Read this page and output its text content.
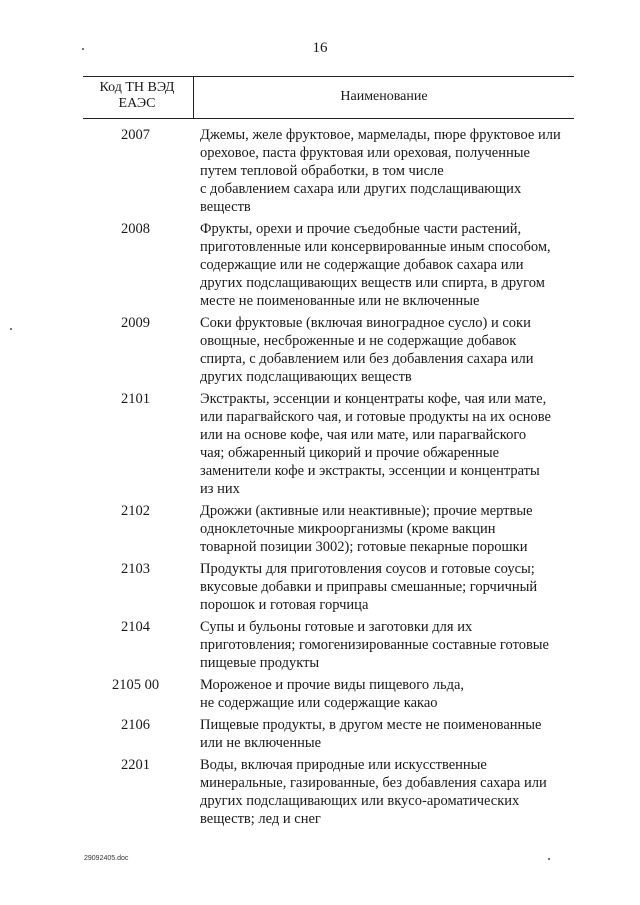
16
Код ТН ВЭД
ЕАЭС	Наименование
2007	Джемы, желе фруктовое, мармелады, пюре фруктовое или
ореховое, паста фруктовая или ореховая, полученные
путем тепловой обработки, в том числе
с добавлением сахара или других подслащивающих
веществ
2008	Фрукты, орехи и прочие съедобные части растений,
приготовленные или консервированные иным способом,
содержащие или не содержащие добавок сахара или
других подслащивающих веществ или спирта, в другом
месте не поименованные или не включенные
2009	Соки фруктовые (включая виноградное сусло) и соки
овощные, несброженные и не содержащие добавок
спирта, с добавлением или без добавления сахара или
других подслащивающих веществ
2101	Экстракты, эссенции и концентраты кофе, чая или мате,
или парагвайского чая, и готовые продукты на их основе
или на основе кофе, чая или мате, или парагвайского
чая; обжаренный цикорий и прочие обжаренные
заменители кофе и экстракты, эссенции и концентраты
из них
2102	Дрожжи (активные или неактивные); прочие мертвые
одноклеточные микроорганизмы (кроме вакцин
товарной позиции 3002); готовые пекарные порошки
2103	Продукты для приготовления соусов и готовые соусы;
вкусовые добавки и приправы смешанные; горчичный
порошок и готовая горчица
2104	Супы и бульоны готовые и заготовки для их
приготовления; гомогенизированные составные готовые
пищевые продукты
2105 00	Мороженое и прочие виды пищевого льда,
не содержащие или содержащие какао
2106	Пищевые продукты, в другом месте не поименованные
или не включенные
2201	Воды, включая природные или искусственные
минеральные, газированные, без добавления сахара или
других подслащивающих или вкусо-ароматических
веществ; лед и снег
29092405.doc
